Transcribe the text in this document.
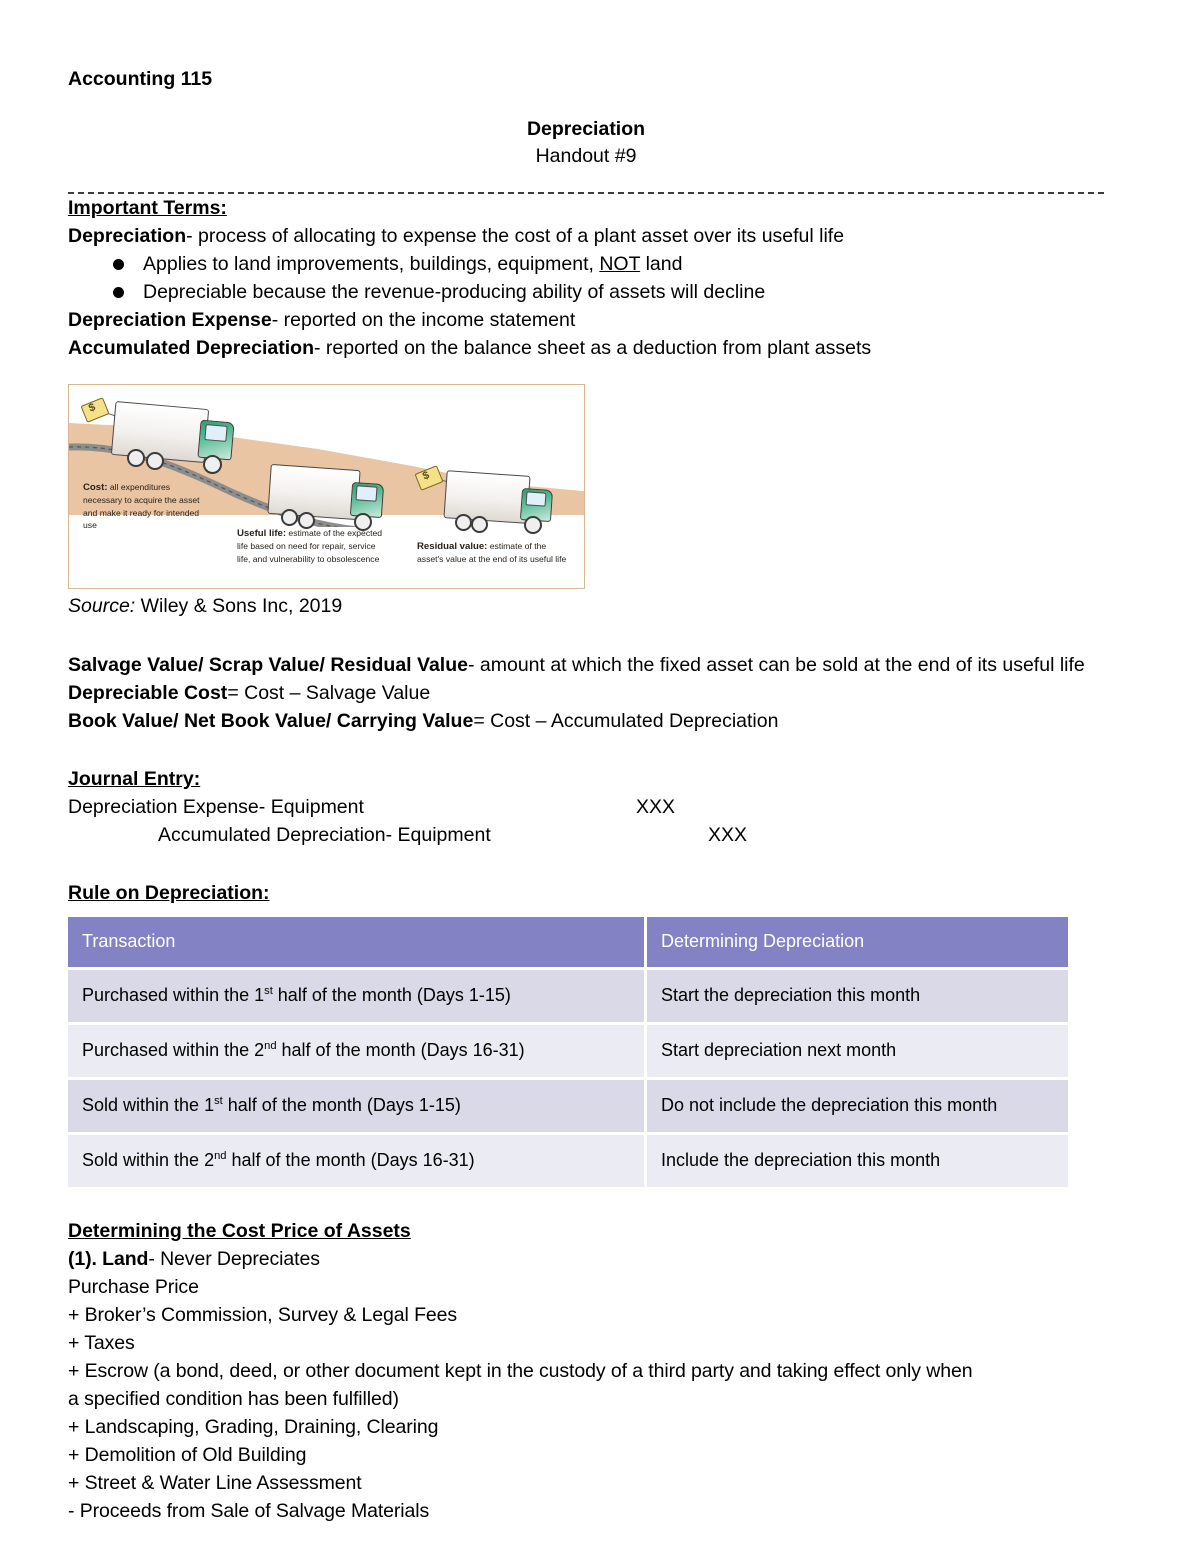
Accounting 115
Depreciation
Handout #9
Important Terms:
Depreciation- process of allocating to expense the cost of a plant asset over its useful life
Applies to land improvements, buildings, equipment, NOT land
Depreciable because the revenue-producing ability of assets will decline
Depreciation Expense- reported on the income statement
Accumulated Depreciation- reported on the balance sheet as a deduction from plant assets
$
$
Cost: all expenditures necessary to acquire the asset and make it ready for intended use
Useful life: estimate of the expected life based on need for repair, service life, and vulnerability to obsolescence
Residual value: estimate of the asset's value at the end of its useful life
Source: Wiley & Sons Inc, 2019
Salvage Value/ Scrap Value/ Residual Value- amount at which the fixed asset can be sold at the end of its useful life
Depreciable Cost= Cost – Salvage Value
Book Value/ Net Book Value/ Carrying Value= Cost – Accumulated Depreciation
Journal Entry:
Depreciation Expense- Equipment	XXX
Accumulated Depreciation- Equipment	XXX
Rule on Depreciation:
Transaction	Determining Depreciation
Purchased within the 1st half of the month (Days 1-15)	Start the depreciation this month
Purchased within the 2nd half of the month (Days 16-31)	Start depreciation next month
Sold within the 1st half of the month (Days 1-15)	Do not include the depreciation this month
Sold within the 2nd half of the month (Days 16-31)	Include the depreciation this month
Determining the Cost Price of Assets
(1). Land- Never Depreciates
Purchase Price
+ Broker’s Commission, Survey & Legal Fees
+ Taxes
+ Escrow (a bond, deed, or other document kept in the custody of a third party and taking effect only when
a specified condition has been fulfilled)
+ Landscaping, Grading, Draining, Clearing
+ Demolition of Old Building
+ Street & Water Line Assessment
- Proceeds from Sale of Salvage Materials
